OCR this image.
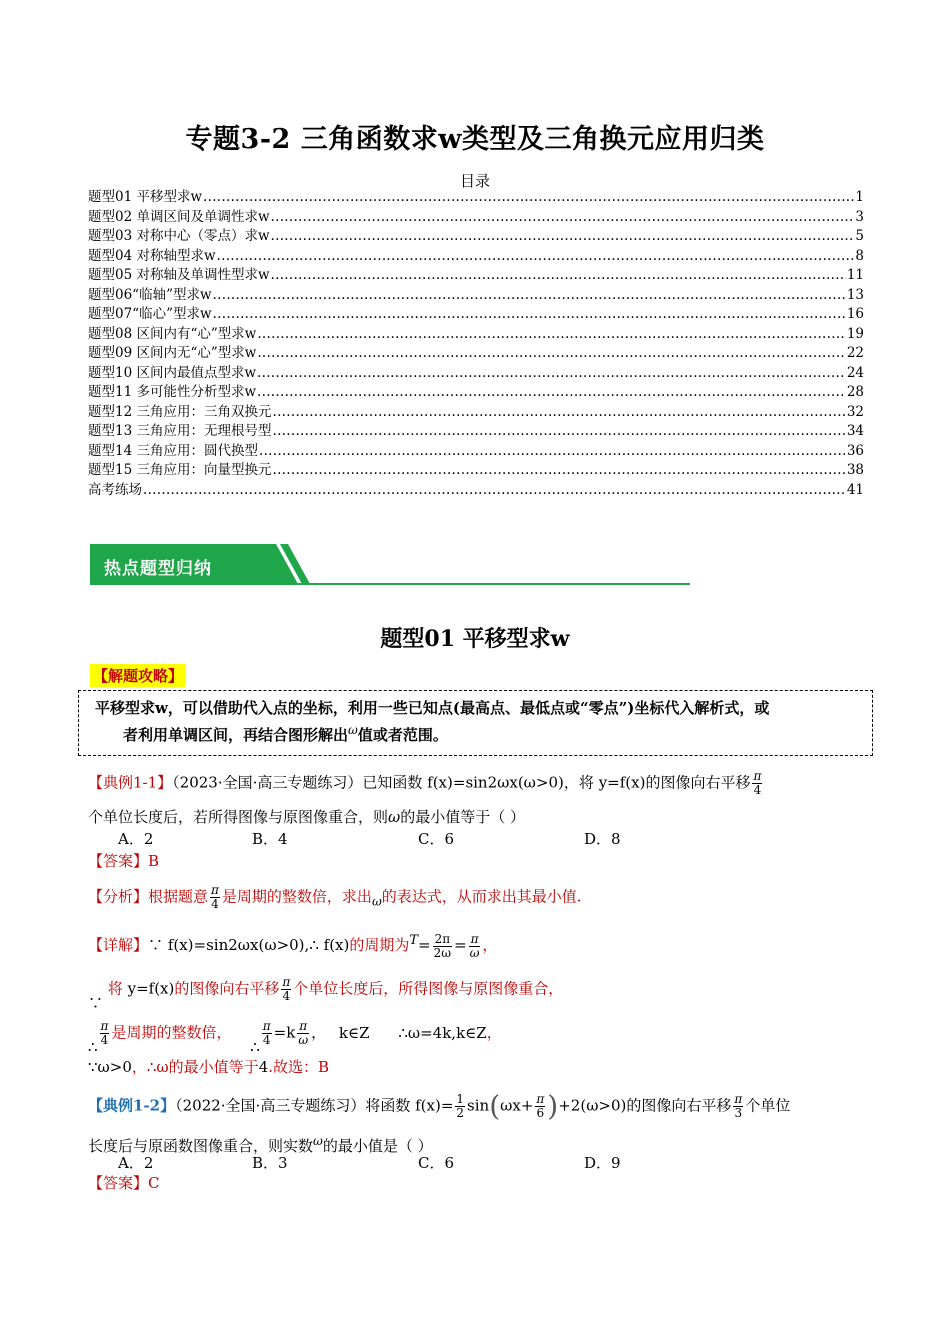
专题3-2 三角函数求w类型及三角换元应用归类
目录
题型01 平移型求w .....	1
题型02 单调区间及单调性求w .....	3
题型03 对称中心（零点）求w .....	5
题型04 对称轴型求w .....	8
题型05 对称轴及单调性型求w .....	11
题型06“临轴”型求w .....	13
题型07“临心”型求w .....	16
题型08 区间内有“心”型求w .....	19
题型09 区间内无“心”型求w .....	22
题型10 区间内最值点型求w .....	24
题型11 多可能性分析型求w .....	28
题型12 三角应用：三角双换元 .....	32
题型13 三角应用：无理根号型 .....	34
题型14 三角应用：圆代换型 .....	36
题型15 三角应用：向量型换元 .....	38
高考练场 .....	41
热点题型归纳
题型01 平移型求w
【解题攻略】
平移型求w，可以借助代入点的坐标，利用一些已知点(最高点、最低点或“零点”)坐标代入解析式，或
者利用单调区间，再结合图形解出$^\omega$值或者范围。
【典例1-1】（2023·全国·高三专题练习）已知函数 f(x)=sin2ωx(ω>0)，将 y=f(x)的图像向右平移 $\frac{\pi}{4}$
个单位长度后，若所得图像与原图像重合，则ω的最小值等于（ ）
A．2	B．4	C．6	D．8
【答案】B
【分析】根据题意 $\frac{\pi}{4}$ 是周期的整数倍，求出$_\omega$的表达式，从而求出其最小值.
【详解】∵ f(x)=sin2ωx(ω>0),∴ f(x)的周期为$T= \frac{2\pi}{2\omega} = \frac{\pi}{\omega}$ ，
∵ 将 y=f(x)的图像向右平移 $\frac{\pi}{4}$ 个单位长度后，所得图像与原图像重合，
∴ $\frac{\pi}{4}$ 是周期的整数倍， ∴ $\frac{\pi}{4} =k \frac{\pi}{\omega}$ ， k∈Z ∴ω=4k,k∈Z，
∵ω>0，∴ω的最小值等于4.故选：B
【典例1-2】（2022·全国·高三专题练习）将函数 $f(x)= \frac{1}{2} \sin(\omega x+ \frac{\pi}{6} )+2(\omega>0)$的图像向右平移 $\frac{\pi}{3}$ 个单位
长度后与原函数图像重合，则实数$^\omega$的最小值是（ ）
A．2	B．3	C．6	D．9
【答案】C
